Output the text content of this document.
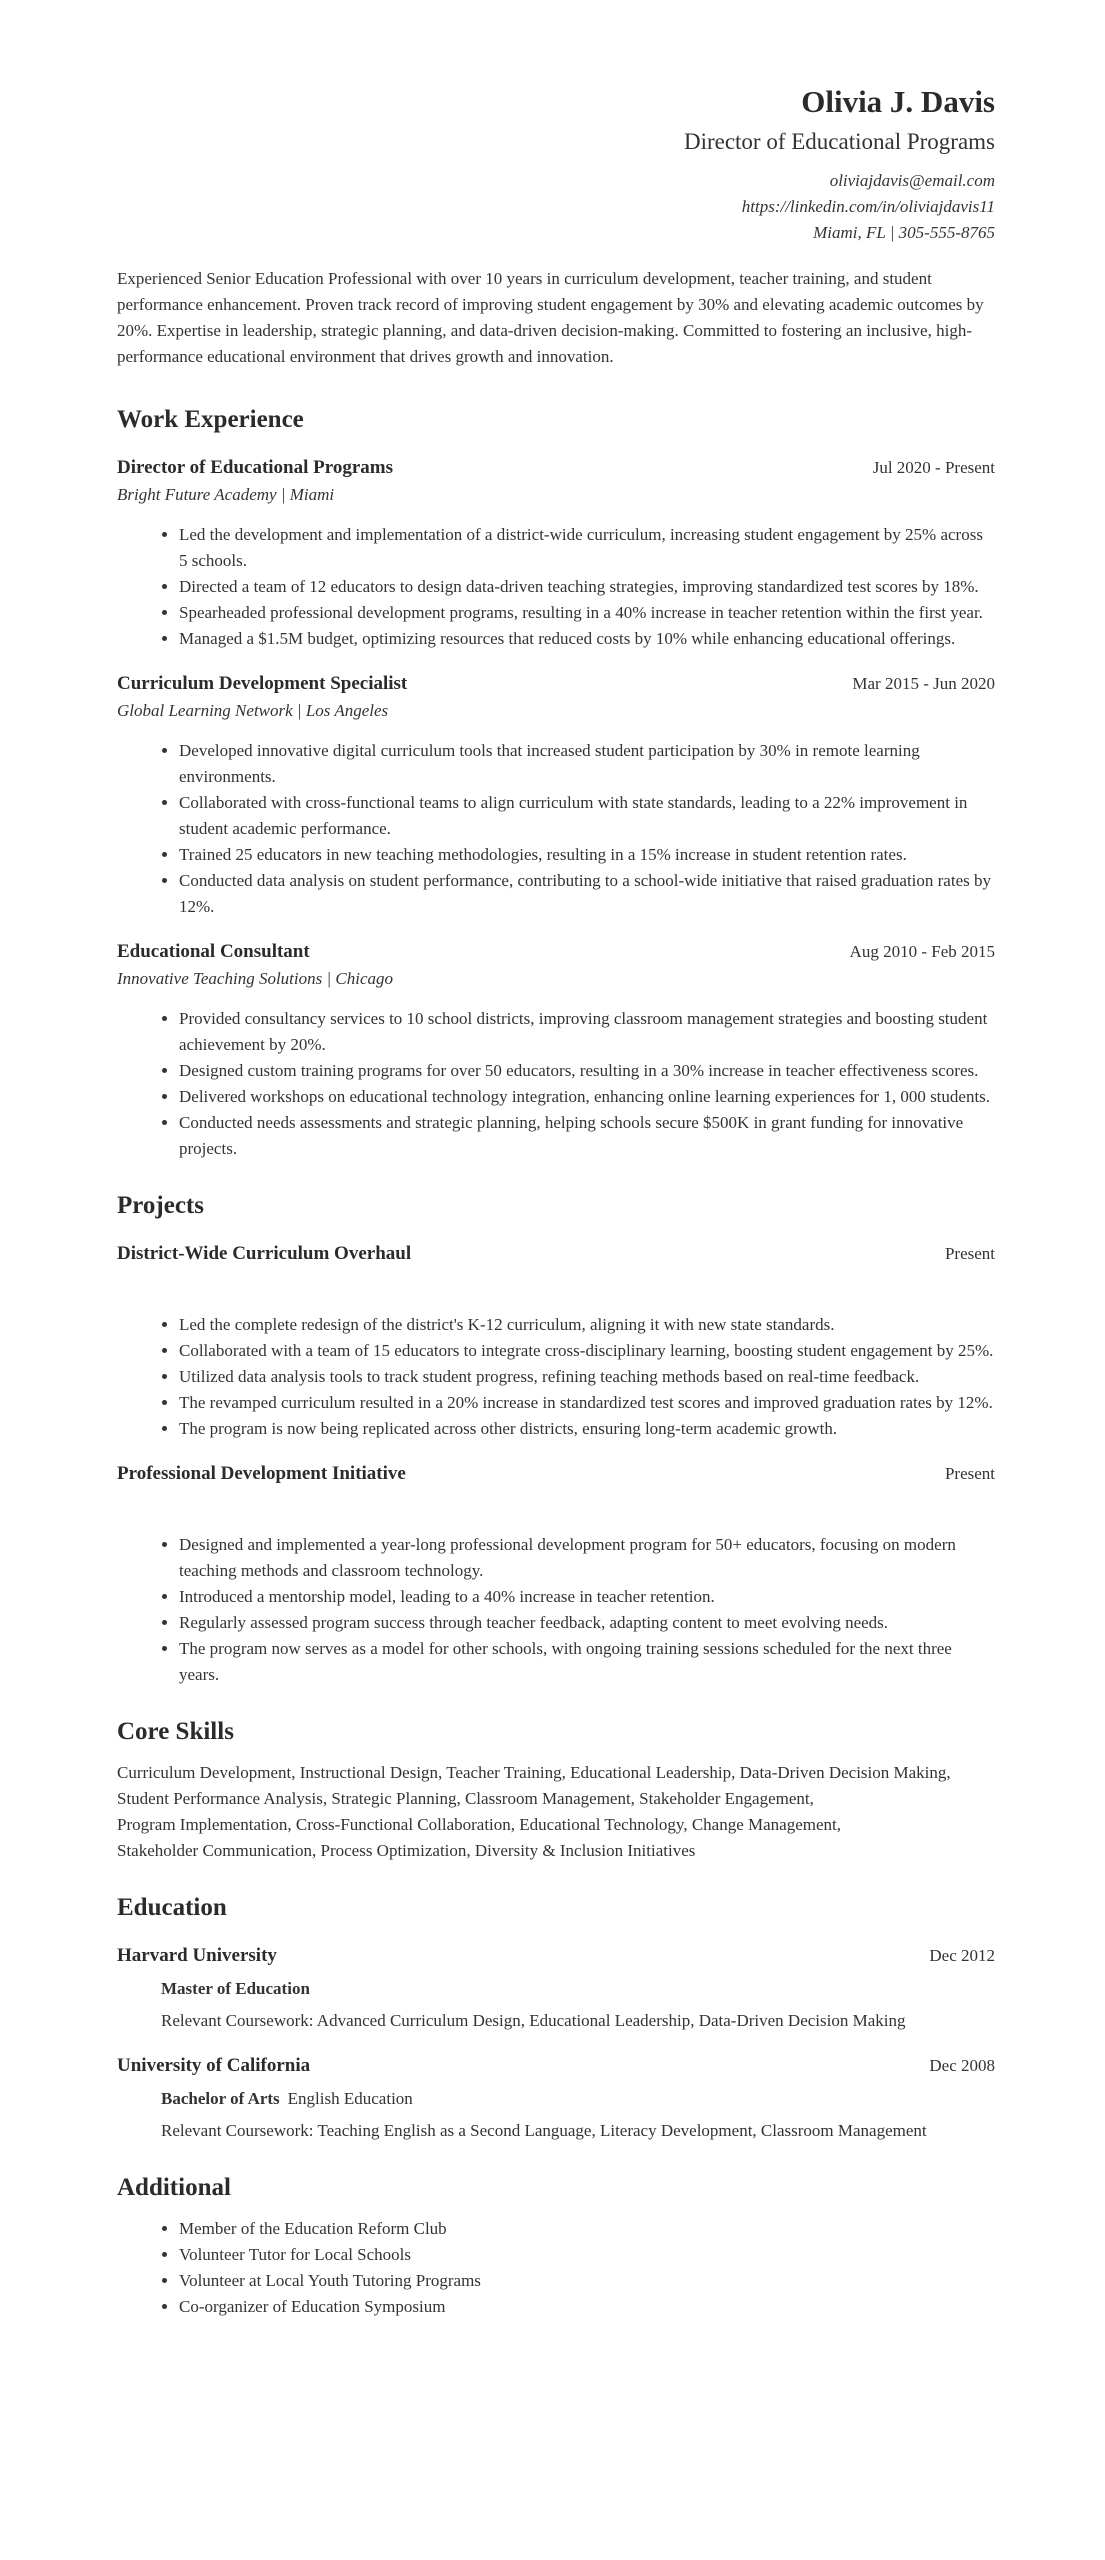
Olivia J. Davis
Director of Educational Programs
oliviajdavis@email.com
https://linkedin.com/in/oliviajdavis11
Miami, FL | 305-555-8765
Experienced Senior Education Professional with over 10 years in curriculum development, teacher training, and student performance enhancement. Proven track record of improving student engagement by 30% and elevating academic outcomes by 20%. Expertise in leadership, strategic planning, and data-driven decision-making. Committed to fostering an inclusive, high-performance educational environment that drives growth and innovation.
Work Experience
Director of Educational Programs	Jul 2020 - Present
Bright Future Academy | Miami
• Led the development and implementation of a district-wide curriculum, increasing student engagement by 25% across 5 schools.
• Directed a team of 12 educators to design data-driven teaching strategies, improving standardized test scores by 18%.
• Spearheaded professional development programs, resulting in a 40% increase in teacher retention within the first year.
• Managed a $1.5M budget, optimizing resources that reduced costs by 10% while enhancing educational offerings.
Curriculum Development Specialist	Mar 2015 - Jun 2020
Global Learning Network | Los Angeles
• Developed innovative digital curriculum tools that increased student participation by 30% in remote learning environments.
• Collaborated with cross-functional teams to align curriculum with state standards, leading to a 22% improvement in student academic performance.
• Trained 25 educators in new teaching methodologies, resulting in a 15% increase in student retention rates.
• Conducted data analysis on student performance, contributing to a school-wide initiative that raised graduation rates by 12%.
Educational Consultant	Aug 2010 - Feb 2015
Innovative Teaching Solutions | Chicago
• Provided consultancy services to 10 school districts, improving classroom management strategies and boosting student achievement by 20%.
• Designed custom training programs for over 50 educators, resulting in a 30% increase in teacher effectiveness scores.
• Delivered workshops on educational technology integration, enhancing online learning experiences for 1, 000 students.
• Conducted needs assessments and strategic planning, helping schools secure $500K in grant funding for innovative projects.
Projects
District-Wide Curriculum Overhaul	Present
• Led the complete redesign of the district's K-12 curriculum, aligning it with new state standards.
• Collaborated with a team of 15 educators to integrate cross-disciplinary learning, boosting student engagement by 25%.
• Utilized data analysis tools to track student progress, refining teaching methods based on real-time feedback.
• The revamped curriculum resulted in a 20% increase in standardized test scores and improved graduation rates by 12%.
• The program is now being replicated across other districts, ensuring long-term academic growth.
Professional Development Initiative	Present
• Designed and implemented a year-long professional development program for 50+ educators, focusing on modern teaching methods and classroom technology.
• Introduced a mentorship model, leading to a 40% increase in teacher retention.
• Regularly assessed program success through teacher feedback, adapting content to meet evolving needs.
• The program now serves as a model for other schools, with ongoing training sessions scheduled for the next three years.
Core Skills
Curriculum Development, Instructional Design, Teacher Training, Educational Leadership, Data-Driven Decision Making,
Student Performance Analysis, Strategic Planning, Classroom Management, Stakeholder Engagement,
Program Implementation, Cross-Functional Collaboration, Educational Technology, Change Management,
Stakeholder Communication, Process Optimization, Diversity & Inclusion Initiatives
Education
Harvard University	Dec 2012
Master of Education
Relevant Coursework: Advanced Curriculum Design, Educational Leadership, Data-Driven Decision Making
University of California	Dec 2008
Bachelor of Arts English Education
Relevant Coursework: Teaching English as a Second Language, Literacy Development, Classroom Management
Additional
• Member of the Education Reform Club
• Volunteer Tutor for Local Schools
• Volunteer at Local Youth Tutoring Programs
• Co-organizer of Education Symposium
